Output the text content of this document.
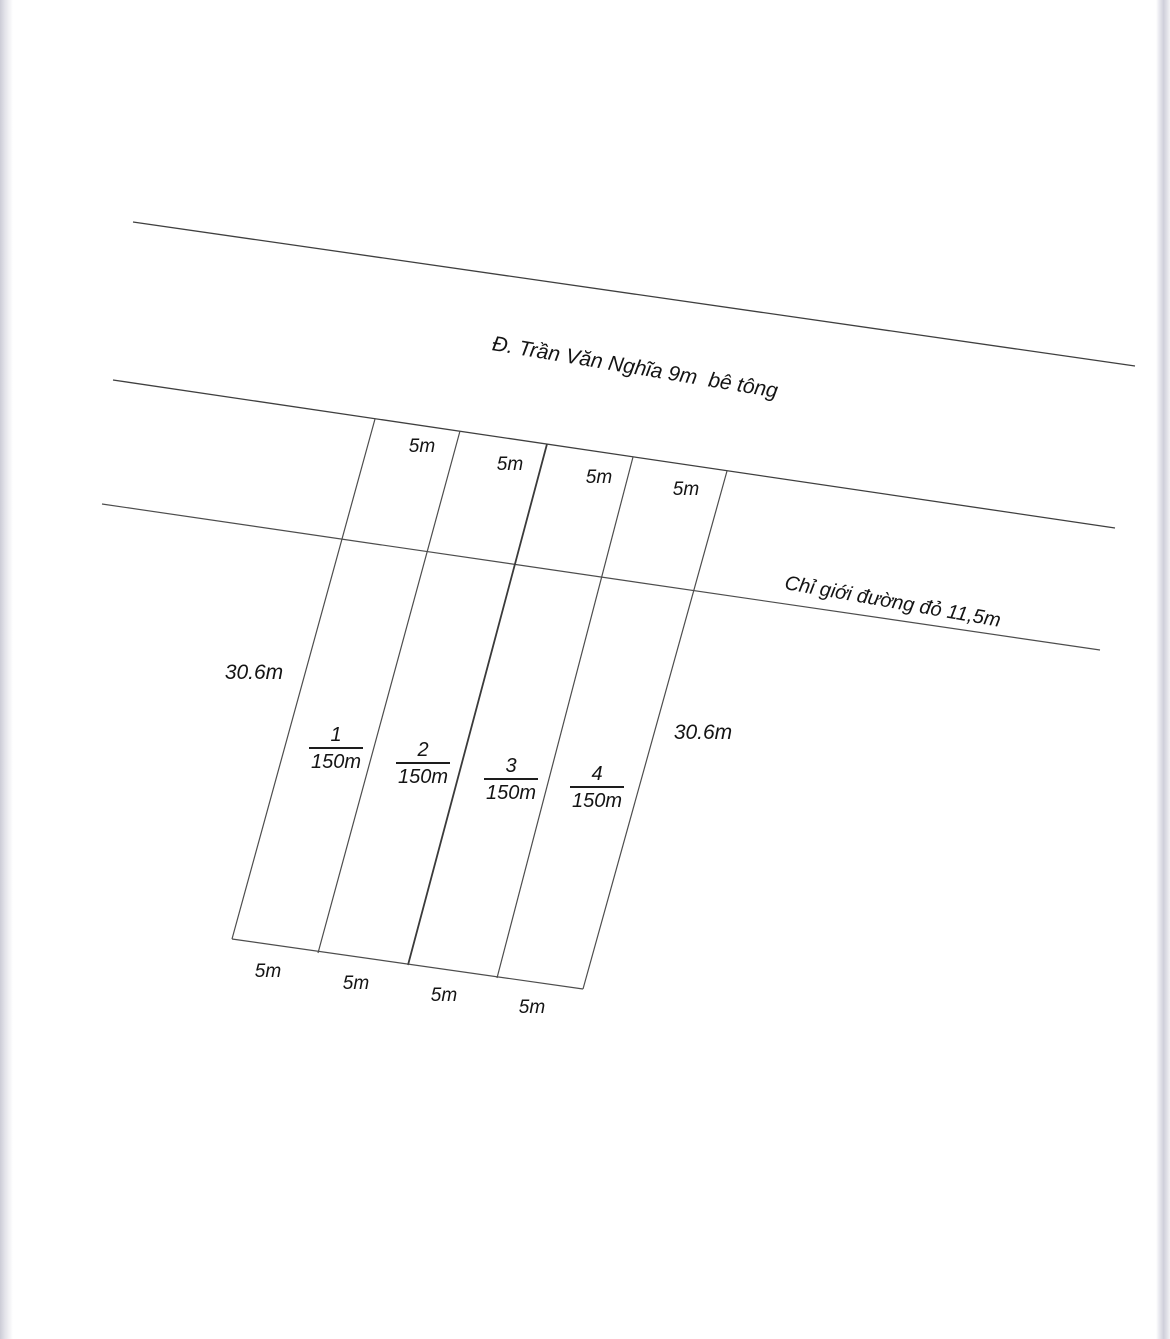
Đ. Trần Văn Nghĩa 9m  bê tông
Chỉ giới đường đỏ 11,5m
30.6m
30.6m
5m
5m
5m
5m
5m
5m
5m
5m
1
150m
2
150m	3
150m
4
150m
